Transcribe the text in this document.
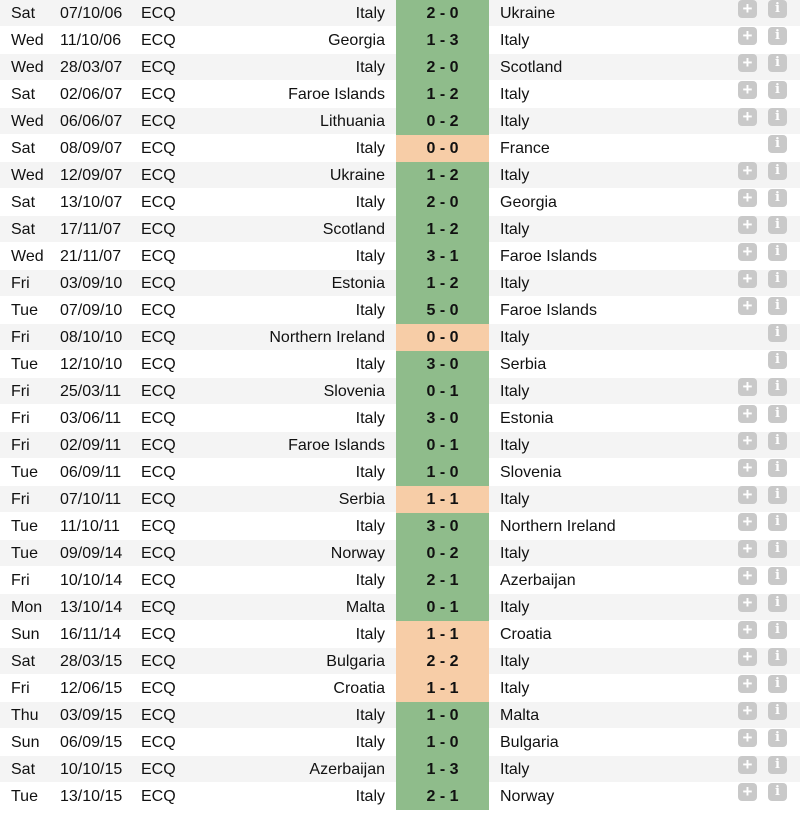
Sat 07/10/06 ECQ	Italy	2 - 0	Ukraine	+	i
Wed 11/10/06 ECQ	Georgia	1 - 3	Italy	+	i
Wed 28/03/07 ECQ	Italy	2 - 0	Scotland	+	i
Sat 02/06/07 ECQ	Faroe Islands	1 - 2	Italy	+	i
Wed 06/06/07 ECQ	Lithuania	0 - 2	Italy	+	i
Sat 08/09/07 ECQ	Italy	0 - 0	France	i
Wed 12/09/07 ECQ	Ukraine	1 - 2	Italy	+	i
Sat 13/10/07 ECQ	Italy	2 - 0	Georgia	+	i
Sat 17/11/07 ECQ	Scotland	1 - 2	Italy	+	i
Wed 21/11/07 ECQ	Italy	3 - 1	Faroe Islands	+	i
Fri 03/09/10 ECQ	Estonia	1 - 2	Italy	+	i
Tue 07/09/10 ECQ	Italy	5 - 0	Faroe Islands	+	i
Fri 08/10/10 ECQ	Northern Ireland	0 - 0	Italy	i
Tue 12/10/10 ECQ	Italy	3 - 0	Serbia	i
Fri 25/03/11 ECQ	Slovenia	0 - 1	Italy	+	i
Fri 03/06/11 ECQ	Italy	3 - 0	Estonia	+	i
Fri 02/09/11 ECQ	Faroe Islands	0 - 1	Italy	+	i
Tue 06/09/11 ECQ	Italy	1 - 0	Slovenia	+	i
Fri 07/10/11 ECQ	Serbia	1 - 1	Italy	+	i
Tue 11/10/11 ECQ	Italy	3 - 0	Northern Ireland	+	i
Tue 09/09/14 ECQ	Norway	0 - 2	Italy	+	i
Fri 10/10/14 ECQ	Italy	2 - 1	Azerbaijan	+	i
Mon 13/10/14 ECQ	Malta	0 - 1	Italy	+	i
Sun 16/11/14 ECQ	Italy	1 - 1	Croatia	+	i
Sat 28/03/15 ECQ	Bulgaria	2 - 2	Italy	+	i
Fri 12/06/15 ECQ	Croatia	1 - 1	Italy	+	i
Thu 03/09/15 ECQ	Italy	1 - 0	Malta	+	i
Sun 06/09/15 ECQ	Italy	1 - 0	Bulgaria	+	i
Sat 10/10/15 ECQ	Azerbaijan	1 - 3	Italy	+	i
Tue 13/10/15 ECQ	Italy	2 - 1	Norway	+	i
